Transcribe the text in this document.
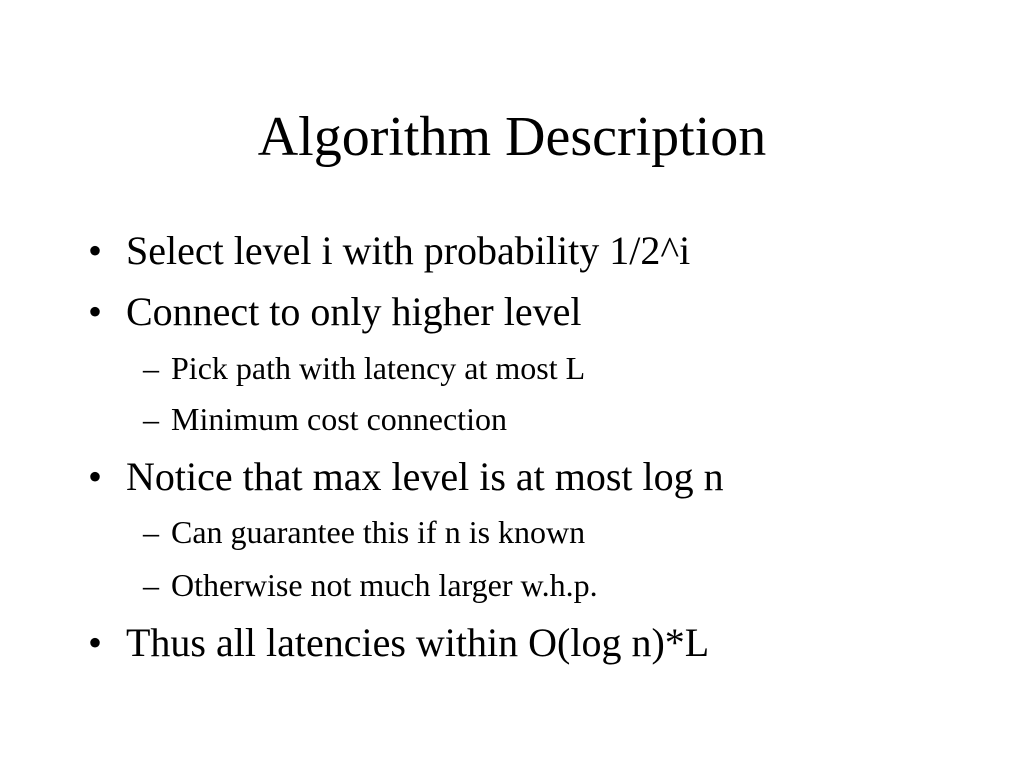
Algorithm Description
• Select level i with probability 1/2^i
• Connect to only higher level
– Pick path with latency at most L
– Minimum cost connection
• Notice that max level is at most log n
– Can guarantee this if n is known
– Otherwise not much larger w.h.p.
• Thus all latencies within O(log n)*L
